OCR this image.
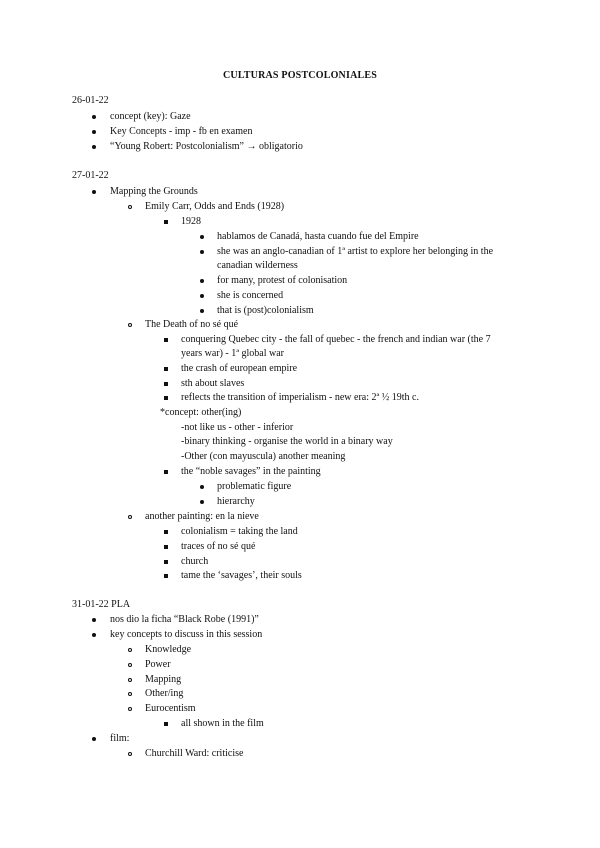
CULTURAS POSTCOLONIALES
26-01-22
concept (key): Gaze
Key Concepts - imp - fb en examen
“Young Robert: Postcolonialism” → obligatorio
27-01-22
Mapping the Grounds
Emily Carr, Odds and Ends (1928)
1928
hablamos de Canadá, hasta cuando fue del Empire
she was an anglo-canadian of 1ª artist to explore her belonging in the
canadian wilderness
for many, protest of colonisation
she is concerned
that is (post)colonialism
The Death of no sé qué
conquering Quebec city - the fall of quebec - the french and indian war (the 7
years war) - 1ª global war
the crash of european empire
sth about slaves
reflects the transition of imperialism - new era: 2ª ½ 19th c.
*concept: other(ing)
-not like us - other - inferior
-binary thinking - organise the world in a binary way
-Other (con mayuscula) another meaning
the “noble savages” in the painting
problematic figure
hierarchy
another painting: en la nieve
colonialism = taking the land
traces of no sé qué
church
tame the ‘savages’, their souls
31-01-22 PLA
nos dio la ficha “Black Robe (1991)”
key concepts to discuss in this session
Knowledge
Power
Mapping
Other/ing
Eurocentism
all shown in the film
film:
Churchill Ward: criticise
